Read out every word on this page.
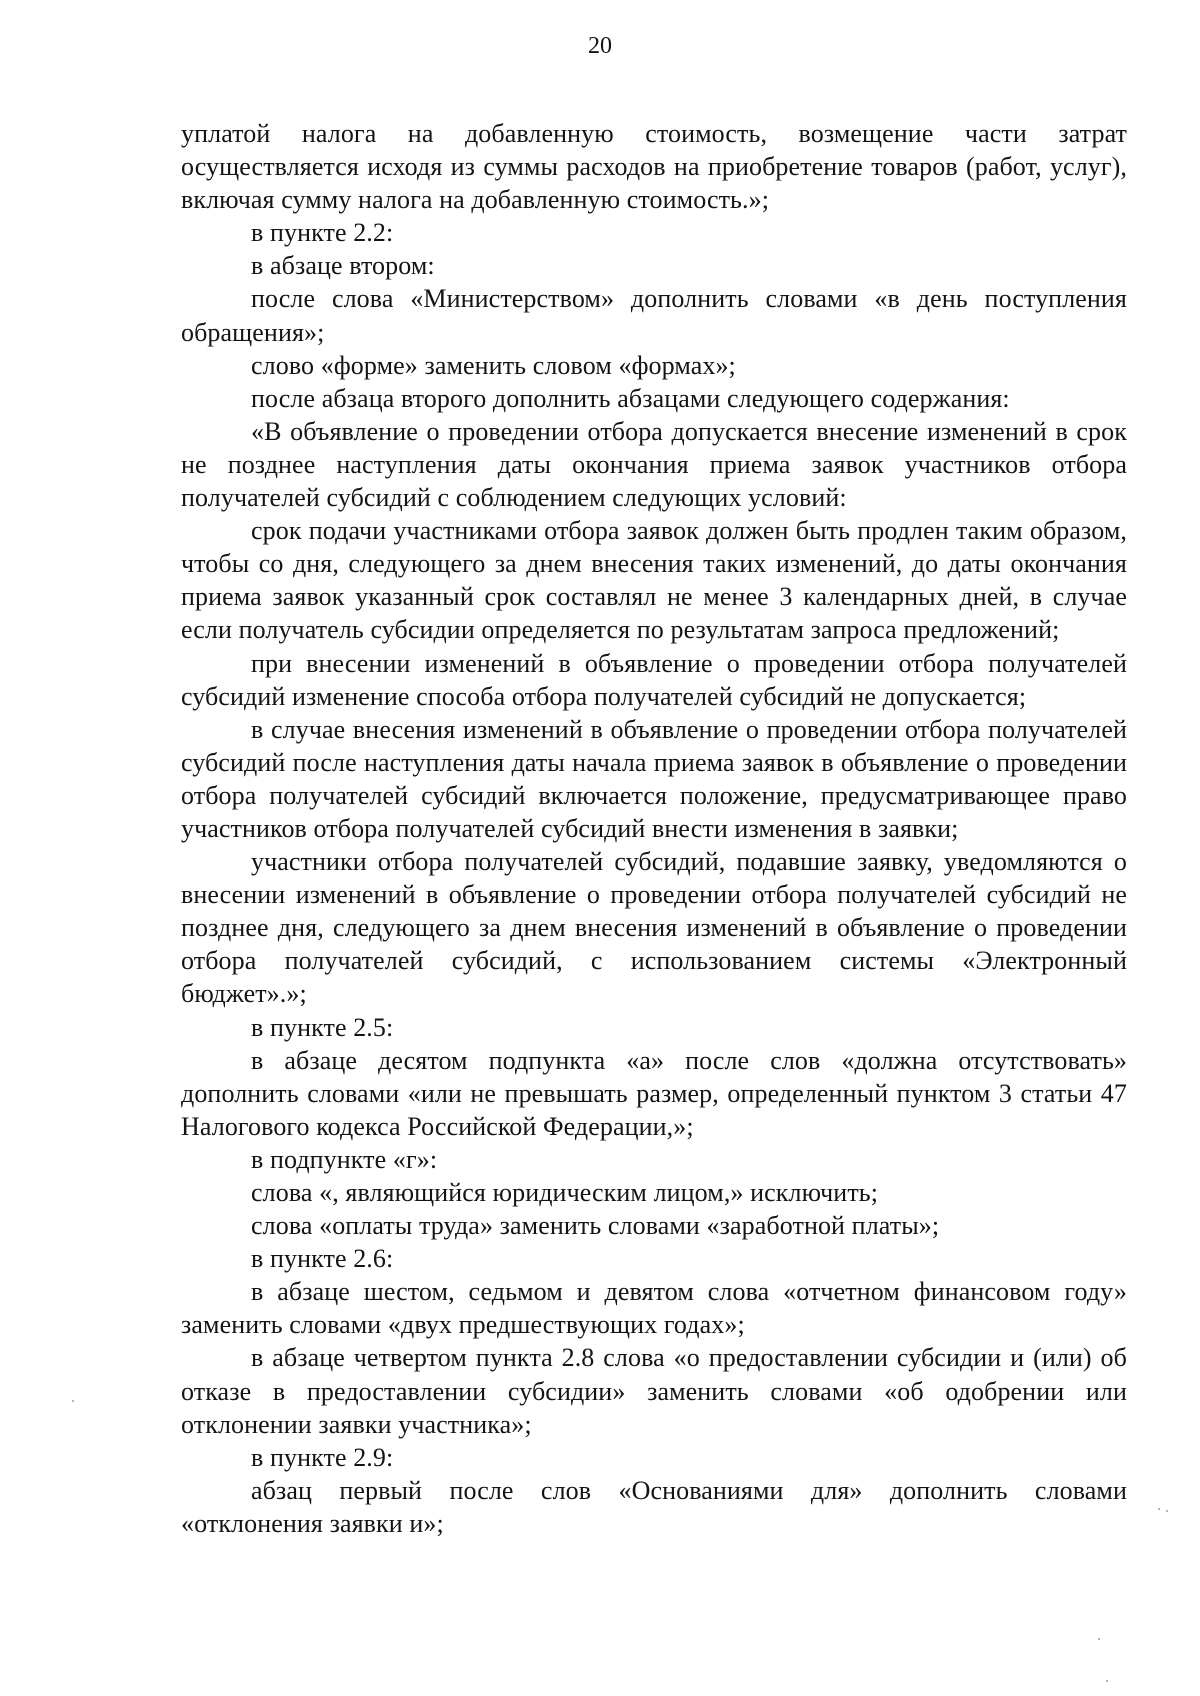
20

уплатой налога на добавленную стоимость, возмещение части затрат осуществляется исходя из суммы расходов на приобретение товаров (работ, услуг), включая сумму налога на добавленную стоимость.»;

в пункте 2.2:

в абзаце втором:

после слова «Министерством» дополнить словами «в день поступления обращения»;

слово «форме» заменить словом «формах»;

после абзаца второго дополнить абзацами следующего содержания:

«В объявление о проведении отбора допускается внесение изменений в срок не позднее наступления даты окончания приема заявок участников отбора получателей субсидий с соблюдением следующих условий:

срок подачи участниками отбора заявок должен быть продлен таким образом, чтобы со дня, следующего за днем внесения таких изменений, до даты окончания приема заявок указанный срок составлял не менее 3 календарных дней, в случае если получатель субсидии определяется по результатам запроса предложений;

при внесении изменений в объявление о проведении отбора получателей субсидий изменение способа отбора получателей субсидий не допускается;

в случае внесения изменений в объявление о проведении отбора получателей субсидий после наступления даты начала приема заявок в объявление о проведении отбора получателей субсидий включается положение, предусматривающее право участников отбора получателей субсидий внести изменения в заявки;

участники отбора получателей субсидий, подавшие заявку, уведомляются о внесении изменений в объявление о проведении отбора получателей субсидий не позднее дня, следующего за днем внесения изменений в объявление о проведении отбора получателей субсидий, с использованием системы «Электронный бюджет».»;

в пункте 2.5:

в абзаце десятом подпункта «а» после слов «должна отсутствовать» дополнить словами «или не превышать размер, определенный пунктом 3 статьи 47 Налогового кодекса Российской Федерации,»;

в подпункте «г»:

слова «, являющийся юридическим лицом,» исключить;

слова «оплаты труда» заменить словами «заработной платы»;

в пункте 2.6:

в абзаце шестом, седьмом и девятом слова «отчетном финансовом году» заменить словами «двух предшествующих годах»;

в абзаце четвертом пункта 2.8 слова «о предоставлении субсидии и (или) об отказе в предоставлении субсидии» заменить словами «об одобрении или отклонении заявки участника»;

в пункте 2.9:

абзац первый после слов «Основаниями для» дополнить словами «отклонения заявки и»;
